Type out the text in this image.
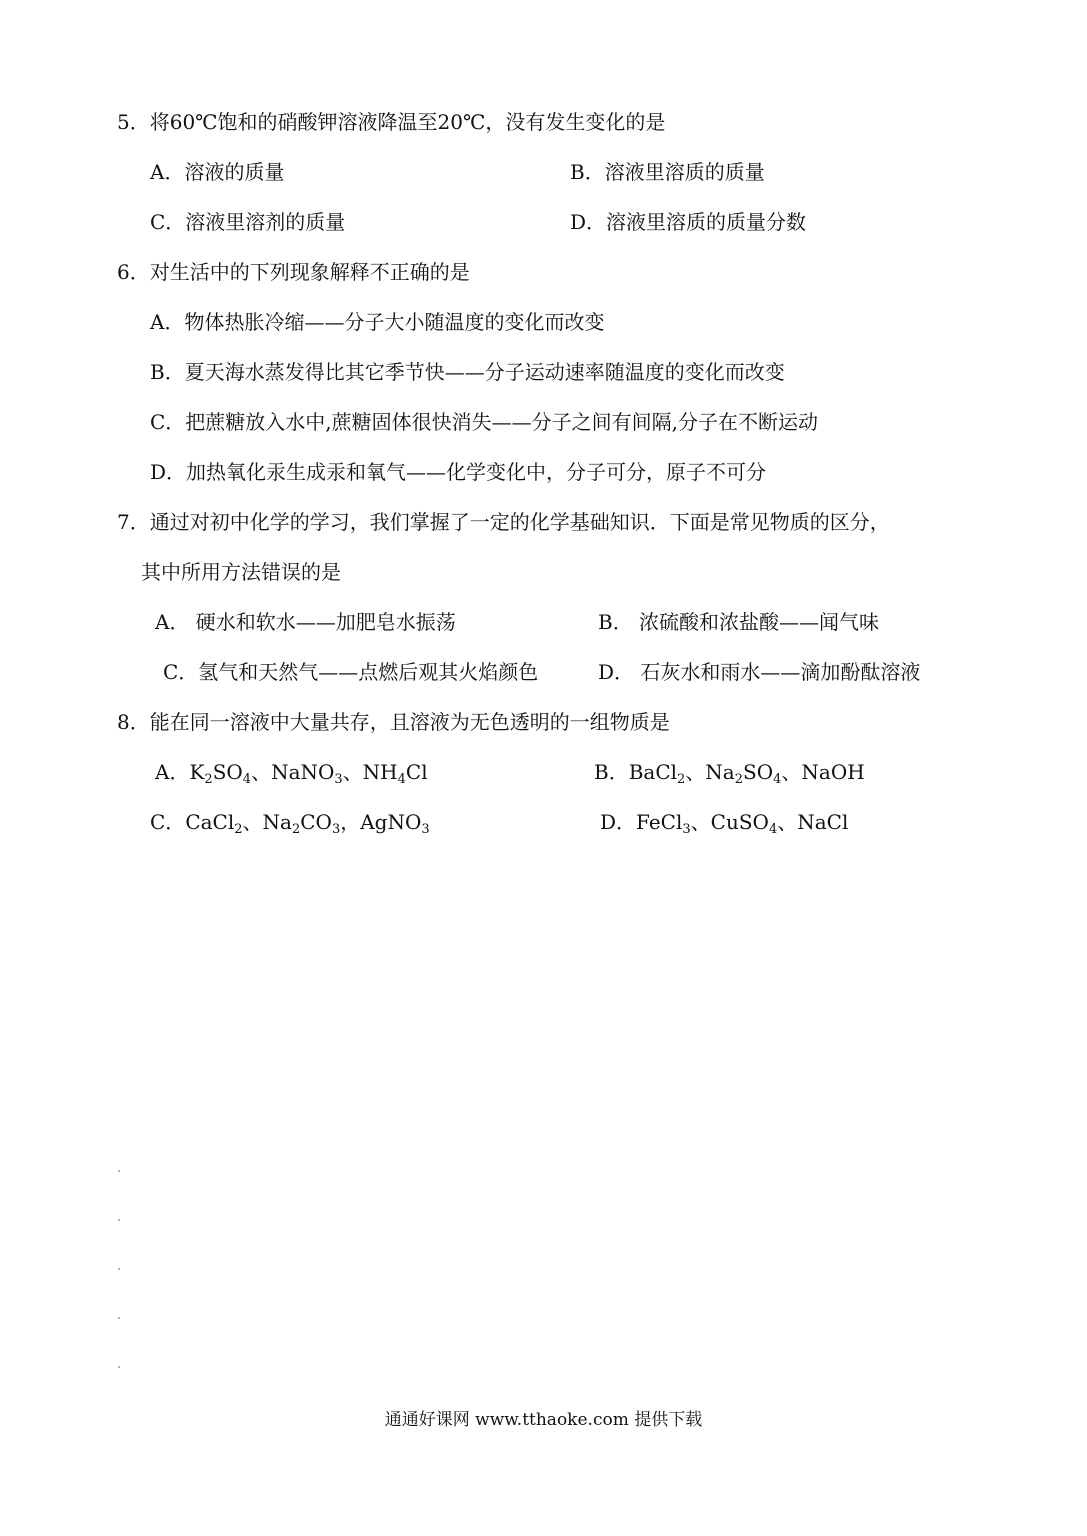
5．将60℃饱和的硝酸钾溶液降温至20℃，没有发生变化的是
A．溶液的质量	B．溶液里溶质的质量
C．溶液里溶剂的质量	D．溶液里溶质的质量分数
6．对生活中的下列现象解释不正确的是
A．物体热胀冷缩——分子大小随温度的变化而改变
B．夏天海水蒸发得比其它季节快——分子运动速率随温度的变化而改变
C．把蔗糖放入水中,蔗糖固体很快消失——分子之间有间隔,分子在不断运动
D．加热氧化汞生成汞和氧气——化学变化中，分子可分，原子不可分
7．通过对初中化学的学习，我们掌握了一定的化学基础知识．下面是常见物质的区分，
其中所用方法错误的是
A． 硬水和软水——加肥皂水振荡	B． 浓硫酸和浓盐酸——闻气味
C．氢气和天然气——点燃后观其火焰颜色	D． 石灰水和雨水——滴加酚酞溶液
8．能在同一溶液中大量共存，且溶液为无色透明的一组物质是
A．$K_2SO_4$、NaNO$_3$、$NH_4Cl$	B．BaCl$_2$、$Na_2SO_4$、NaOH
C．CaCl$_2$、$Na_2CO_3$，AgNO$_3$	D．FeCl$_3$、CuSO$_4$、NaCl
通通好课网 www.tthaoke.com 提供下载
